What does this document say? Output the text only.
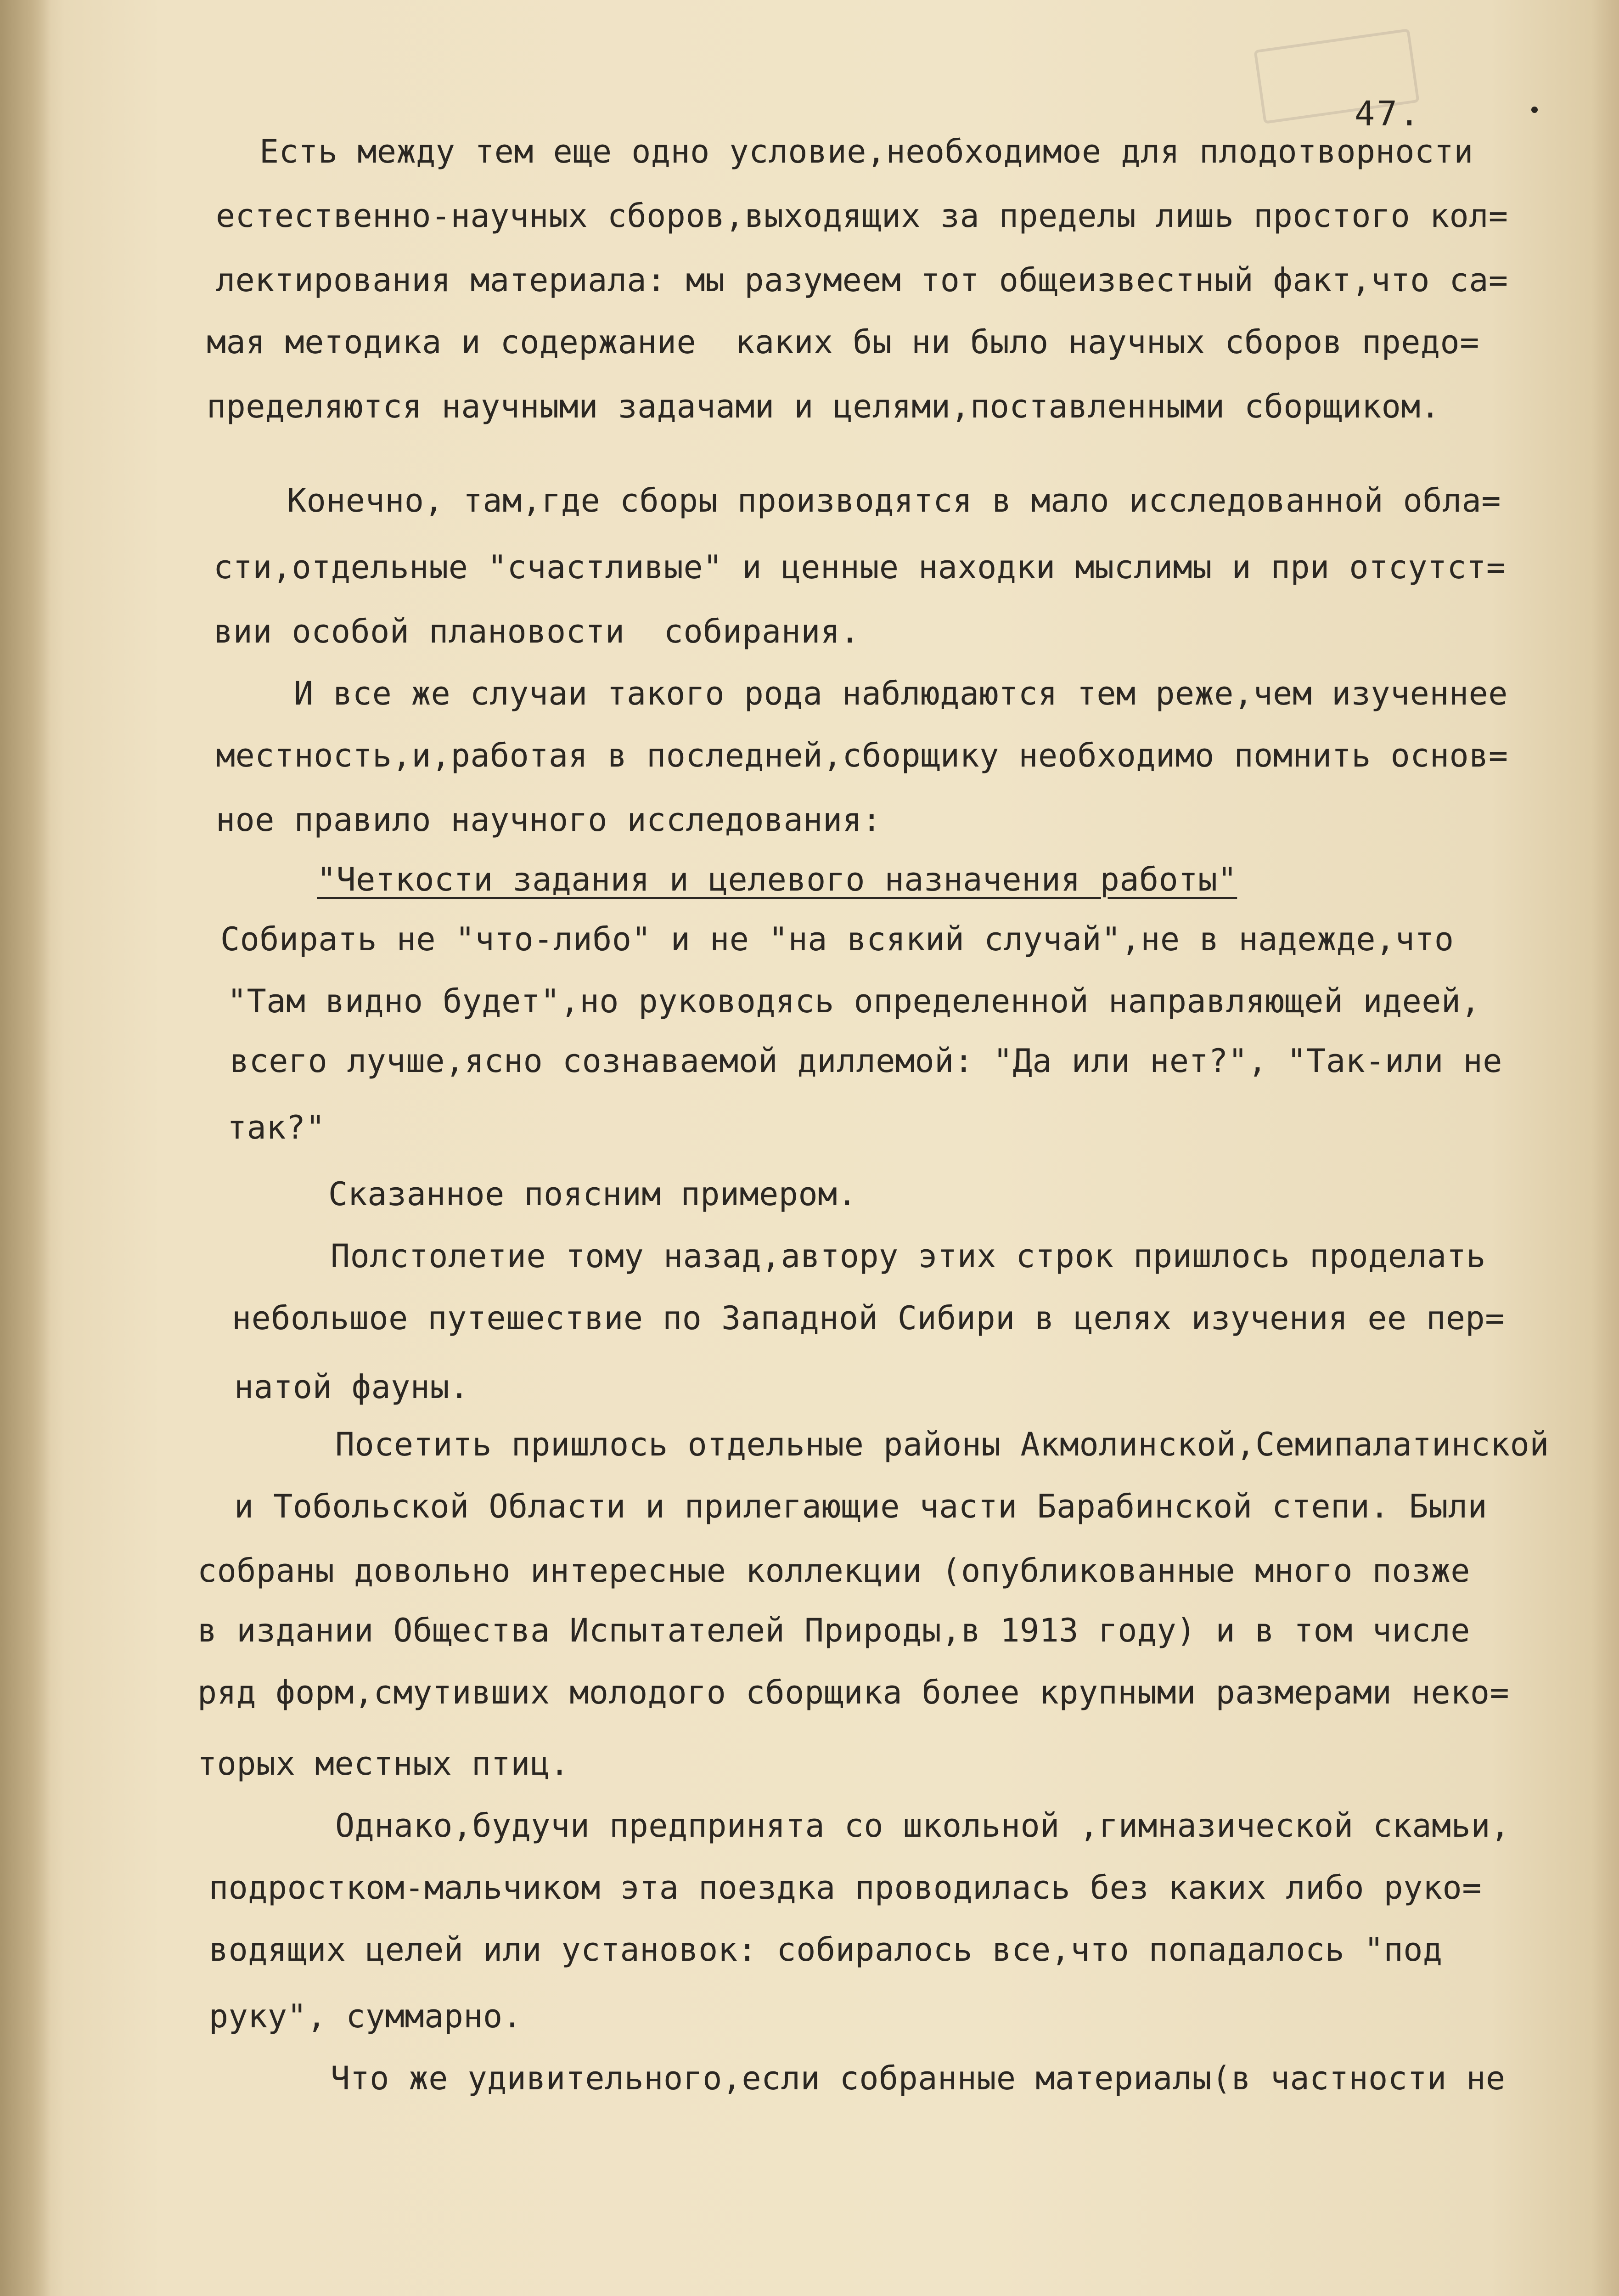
47.
Есть между тем еще одно условие,необходимое для плодотворности
естественно-научных сборов,выходящих за пределы лишь простого кол=
лектирования материала: мы разумеем тот общеизвестный факт,что са=
мая методика и содержание  каких бы ни было научных сборов предо=
пределяются научными задачами и целями,поставленными сборщиком.
Конечно, там,где сборы производятся в мало исследованной обла=
сти,отдельные "счастливые" и ценные находки мыслимы и при отсутст=
вии особой плановости  собирания.
И все же случаи такого рода наблюдаются тем реже,чем изученнее
местность,и,работая в последней,сборщику необходимо помнить основ=
ное правило научного исследования:
"Четкости задания и целевого назначения работы"
Собирать не "что-либо" и не "на всякий случай",не в надежде,что
"Там видно будет",но руководясь определенной направляющей идеей,
всего лучше,ясно сознаваемой диллемой: "Да или нет?", "Так-или не
так?"
Сказанное поясним примером.
Полстолетие тому назад,автору этих строк пришлось проделать
небольшое путешествие по Западной Сибири в целях изучения ее пер=
натой фауны.
Посетить пришлось отдельные районы Акмолинской,Семипалатинской
и Тобольской Области и прилегающие части Барабинской степи. Были
собраны довольно интересные коллекции (опубликованные много позже
в издании Общества Испытателей Природы,в 1913 году) и в том числе
ряд форм,смутивших молодого сборщика более крупными размерами неко=
торых местных птиц.
Однако,будучи предпринята со школьной ,гимназической скамьи,
подростком-мальчиком эта поездка проводилась без каких либо руко=
водящих целей или установок: собиралось все,что попадалось "под
руку", суммарно.
Что же удивительного,если собранные материалы(в частности не
